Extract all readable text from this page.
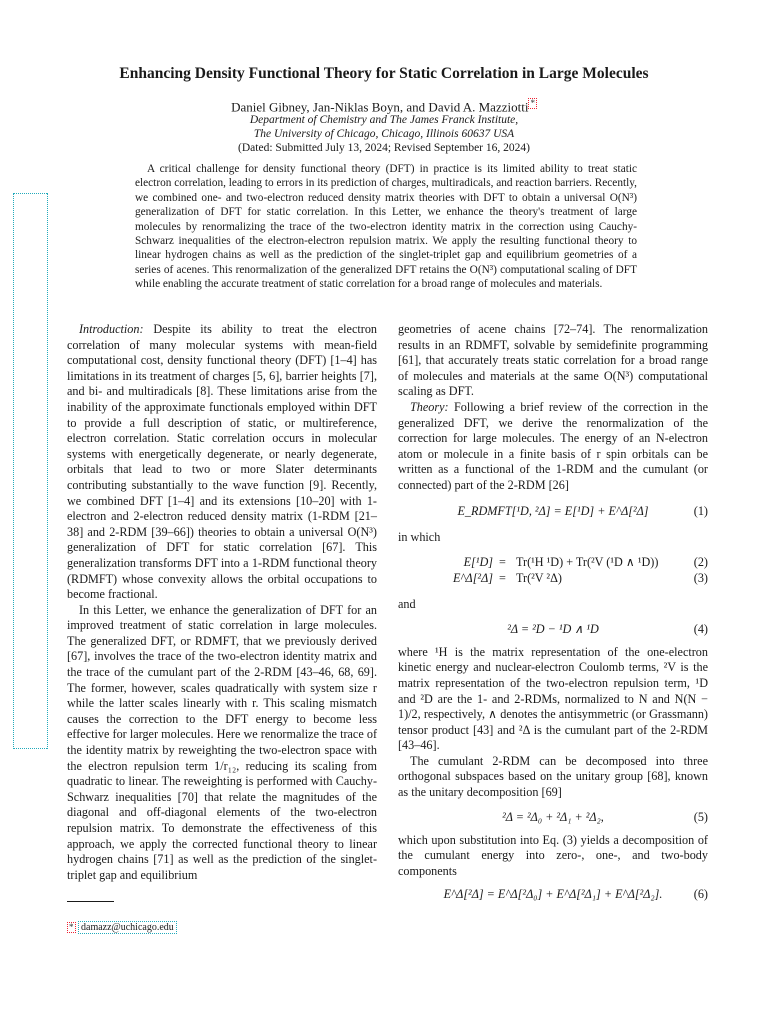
Enhancing Density Functional Theory for Static Correlation in Large Molecules
Daniel Gibney, Jan-Niklas Boyn, and David A. Mazziotti *
Department of Chemistry and The James Franck Institute,
The University of Chicago, Chicago, Illinois 60637 USA
(Dated: Submitted July 13, 2024; Revised September 16, 2024)
A critical challenge for density functional theory (DFT) in practice is its limited ability to treat static electron correlation, leading to errors in its prediction of charges, multiradicals, and reaction barriers. Recently, we combined one- and two-electron reduced density matrix theories with DFT to obtain a universal O(N³) generalization of DFT for static correlation. In this Letter, we enhance the theory's treatment of large molecules by renormalizing the trace of the two-electron identity matrix in the correction using Cauchy-Schwarz inequalities of the electron-electron repulsion matrix. We apply the resulting functional theory to linear hydrogen chains as well as the prediction of the singlet-triplet gap and equilibrium geometries of a series of acenes. This renormalization of the generalized DFT retains the O(N³) computational scaling of DFT while enabling the accurate treatment of static correlation for a broad range of molecules and materials.

Introduction: Despite its ability to treat the electron correlation of many molecular systems with mean-field computational cost, density functional theory (DFT) [1–4] has limitations in its treatment of charges [5, 6], barrier heights [7], and bi- and multiradicals [8]. These limitations arise from the inability of the approximate functionals employed within DFT to provide a full description of static, or multireference, electron correlation. Static correlation occurs in molecular systems with energetically degenerate, or nearly degenerate, orbitals that lead to two or more Slater determinants contributing substantially to the wave function [9]. Recently, we combined DFT [1–4] and its extensions [10–20] with 1-electron and 2-electron reduced density matrix (1-RDM [21–38] and 2-RDM [39–66]) theories to obtain a universal O(N³) generalization of DFT for static correlation [67]. This generalization transforms DFT into a 1-RDM functional theory (RDMFT) whose convexity allows the orbital occupations to become fractional.

In this Letter, we enhance the generalization of DFT for an improved treatment of static correlation in large molecules. The generalized DFT, or RDMFT, that we previously derived [67], involves the trace of the two-electron identity matrix and the trace of the cumulant part of the 2-RDM [43–46, 68, 69]. The former, however, scales quadratically with system size r while the latter scales linearly with r. This scaling mismatch causes the correction to the DFT energy to become less effective for larger molecules. Here we renormalize the trace of the identity matrix by reweighting the two-electron space with the electron repulsion term 1/r₁₂, reducing its scaling from quadratic to linear. The reweighting is performed with Cauchy-Schwarz inequalities [70] that relate the magnitudes of the diagonal and off-diagonal elements of the two-electron repulsion matrix. To demonstrate the effectiveness of this approach, we apply the corrected functional theory to linear hydrogen chains [71] as well as the prediction of the singlet-triplet gap and equilibrium

geometries of acene chains [72–74]. The renormalization results in an RDMFT, solvable by semidefinite programming [61], that accurately treats static correlation for a broad range of molecules and materials at the same O(N³) computational scaling as DFT.

Theory: Following a brief review of the correction in the generalized DFT, we derive the renormalization of the correction for large molecules. The energy of an N-electron atom or molecule in a finite basis of r spin orbitals can be written as a functional of the 1-RDM and the cumulant (or connected) part of the 2-RDM [26]

E_RDMFT[¹D, ²Δ] = E[¹D] + E^Δ[²Δ]	(1)

in which

E[¹D] = Tr(¹H ¹D) + Tr(²V (¹D ∧ ¹D))	(2)
E^Δ[²Δ] = Tr(²V ²Δ)	(3)

and

²Δ = ²D − ¹D ∧ ¹D	(4)

where ¹H is the matrix representation of the one-electron kinetic energy and nuclear-electron Coulomb terms, ²V is the matrix representation of the two-electron repulsion term, ¹D and ²D are the 1- and 2-RDMs, normalized to N and N(N − 1)/2, respectively, ∧ denotes the antisymmetric (or Grassmann) tensor product [43] and ²Δ is the cumulant part of the 2-RDM [43–46].

The cumulant 2-RDM can be decomposed into three orthogonal subspaces based on the unitary group [68], known as the unitary decomposition [69]

²Δ = ²Δ₀ + ²Δ₁ + ²Δ₂,	(5)

which upon substitution into Eq. (3) yields a decomposition of the cumulant energy into zero-, one-, and two-body components

E^Δ[²Δ] = E^Δ[²Δ₀] + E^Δ[²Δ₁] + E^Δ[²Δ₂].	(6)
* damazz@uchicago.edu
